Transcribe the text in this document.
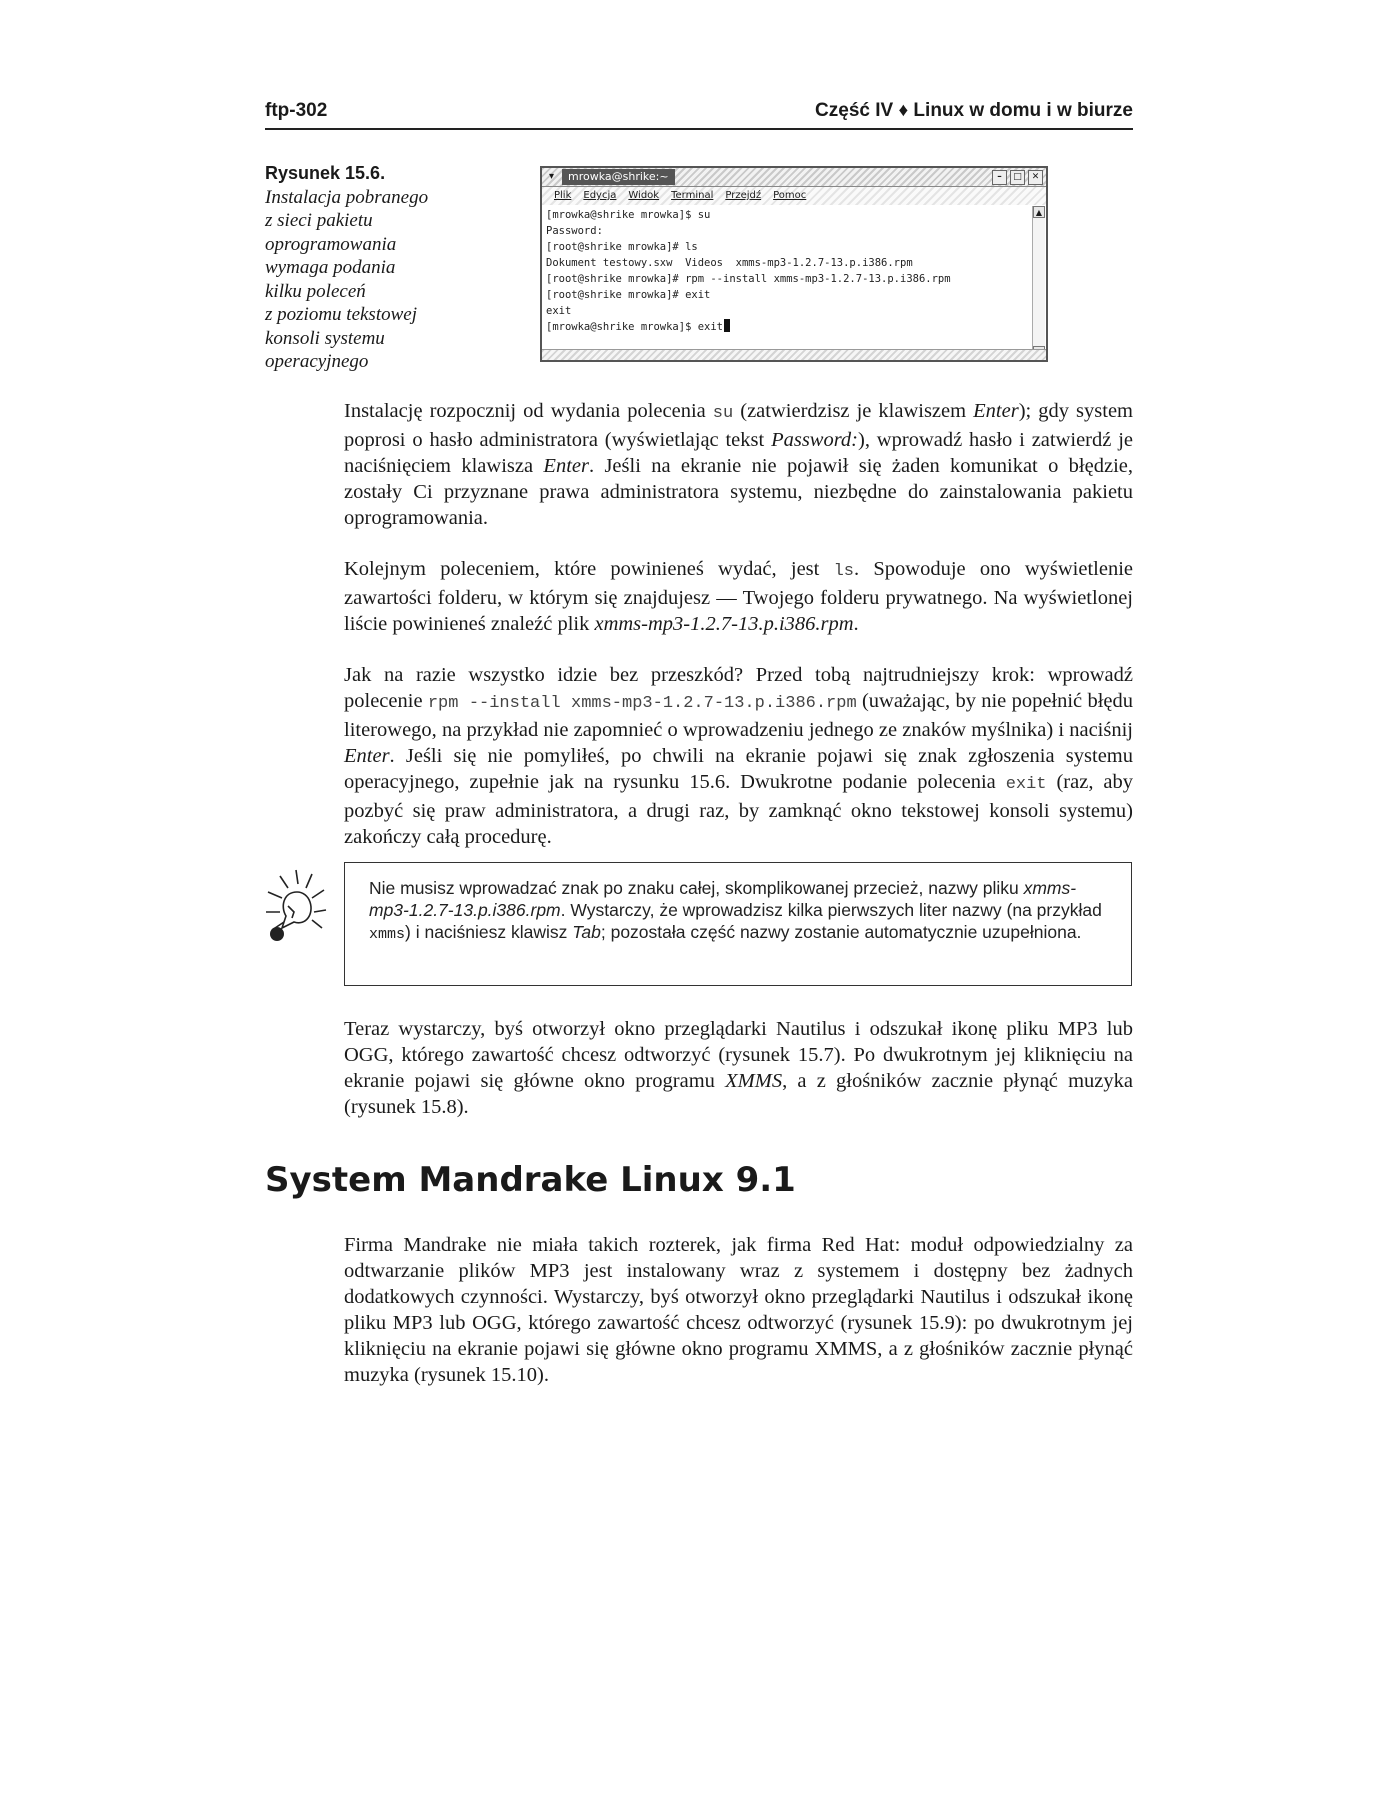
ftp-302	Część IV ♦ Linux w domu i w biurze
Rysunek 15.6.
Instalacja pobranego
z sieci pakietu
oprogramowania
wymaga podania
kilku poleceń
z poziomu tekstowej
konsoli systemu
operacyjnego
▾	mrowka@shrike:~	–	□	✕
Plik Edycja Widok Terminal Przejdź Pomoc
[mrowka@shrike mrowka]$ su
Password:
[root@shrike mrowka]# ls
Dokument testowy.sxw  Videos  xmms-mp3-1.2.7-13.p.i386.rpm
[root@shrike mrowka]# rpm --install xmms-mp3-1.2.7-13.p.i386.rpm
[root@shrike mrowka]# exit
exit
[mrowka@shrike mrowka]$ exit
▲
Instalację rozpocznij od wydania polecenia su (zatwierdzisz je klawiszem Enter); gdy system poprosi o hasło administratora (wyświetlając tekst Password:), wprowadź hasło i zatwierdź je naciśnięciem klawisza Enter. Jeśli na ekranie nie pojawił się żaden komunikat o błędzie, zostały Ci przyznane prawa administratora systemu, niezbędne do zainstalowania pakietu oprogramowania.
Kolejnym poleceniem, które powinieneś wydać, jest ls. Spowoduje ono wyświetlenie zawartości folderu, w którym się znajdujesz — Twojego folderu prywatnego. Na wyświetlonej liście powinieneś znaleźć plik xmms-mp3-1.2.7-13.p.i386.rpm.
Jak na razie wszystko idzie bez przeszkód? Przed tobą najtrudniejszy krok: wprowadź polecenie rpm --install xmms-mp3-1.2.7-13.p.i386.rpm (uważając, by nie popełnić błędu literowego, na przykład nie zapomnieć o wprowadzeniu jednego ze znaków myślnika) i naciśnij Enter. Jeśli się nie pomyliłeś, po chwili na ekranie pojawi się znak zgłoszenia systemu operacyjnego, zupełnie jak na rysunku 15.6. Dwukrotne podanie polecenia exit (raz, aby pozbyć się praw administratora, a drugi raz, by zamknąć okno tekstowej konsoli systemu) zakończy całą procedurę.
Nie musisz wprowadzać znak po znaku całej, skomplikowanej przecież, nazwy pliku xmms-mp3-1.2.7-13.p.i386.rpm. Wystarczy, że wprowadzisz kilka pierwszych liter nazwy (na przykład xmms) i naciśniesz klawisz Tab; pozostała część nazwy zostanie automatycznie uzupełniona.
Teraz wystarczy, byś otworzył okno przeglądarki Nautilus i odszukał ikonę pliku MP3 lub OGG, którego zawartość chcesz odtworzyć (rysunek 15.7). Po dwukrotnym jej kliknięciu na ekranie pojawi się główne okno programu XMMS, a z głośników zacznie płynąć muzyka (rysunek 15.8).
System Mandrake Linux 9.1
Firma Mandrake nie miała takich rozterek, jak firma Red Hat: moduł odpowiedzialny za odtwarzanie plików MP3 jest instalowany wraz z systemem i dostępny bez żadnych dodatkowych czynności. Wystarczy, byś otworzył okno przeglądarki Nautilus i odszukał ikonę pliku MP3 lub OGG, którego zawartość chcesz odtworzyć (rysunek 15.9): po dwukrotnym jej kliknięciu na ekranie pojawi się główne okno programu XMMS, a z głośników zacznie płynąć muzyka (rysunek 15.10).
